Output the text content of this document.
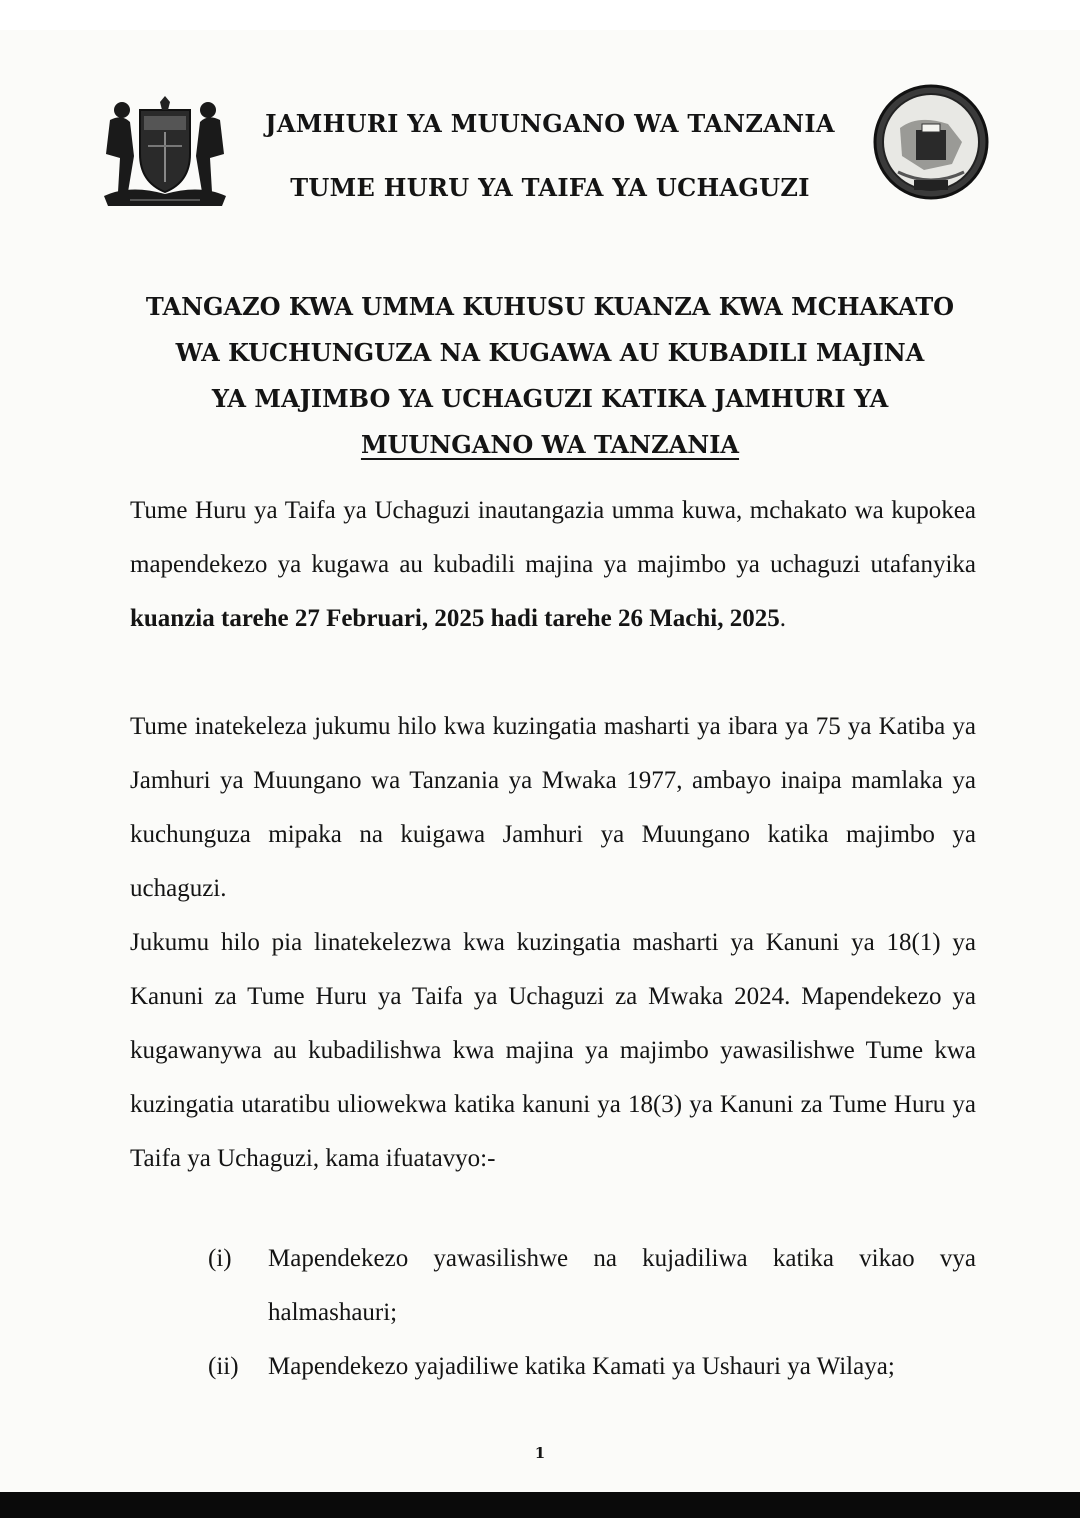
JAMHURI YA MUUNGANO WA TANZANIA
TUME HURU YA TAIFA YA UCHAGUZI
TANGAZO KWA UMMA KUHUSU KUANZA KWA MCHAKATO
WA KUCHUNGUZA NA KUGAWA AU KUBADILI MAJINA
YA MAJIMBO YA UCHAGUZI KATIKA JAMHURI YA
MUUNGANO WA TANZANIA
Tume Huru ya Taifa ya Uchaguzi inautangazia umma kuwa, mchakato wa kupokea mapendekezo ya kugawa au kubadili majina ya majimbo ya uchaguzi utafanyika kuanzia tarehe 27 Februari, 2025 hadi tarehe 26 Machi, 2025.
Tume inatekeleza jukumu hilo kwa kuzingatia masharti ya ibara ya 75 ya Katiba ya Jamhuri ya Muungano wa Tanzania ya Mwaka 1977, ambayo inaipa mamlaka ya kuchunguza mipaka na kuigawa Jamhuri ya Muungano katika majimbo ya uchaguzi.
Jukumu hilo pia linatekelezwa kwa kuzingatia masharti ya Kanuni ya 18(1) ya Kanuni za Tume Huru ya Taifa ya Uchaguzi za Mwaka 2024. Mapendekezo ya kugawanywa au kubadilishwa kwa majina ya majimbo yawasilishwe Tume kwa kuzingatia utaratibu uliowekwa katika kanuni ya 18(3) ya Kanuni za Tume Huru ya Taifa ya Uchaguzi, kama ifuatavyo:-
(i) Mapendekezo yawasilishwe na kujadiliwa katika vikao vya halmashauri;
(ii) Mapendekezo yajadiliwe katika Kamati ya Ushauri ya Wilaya;
1
